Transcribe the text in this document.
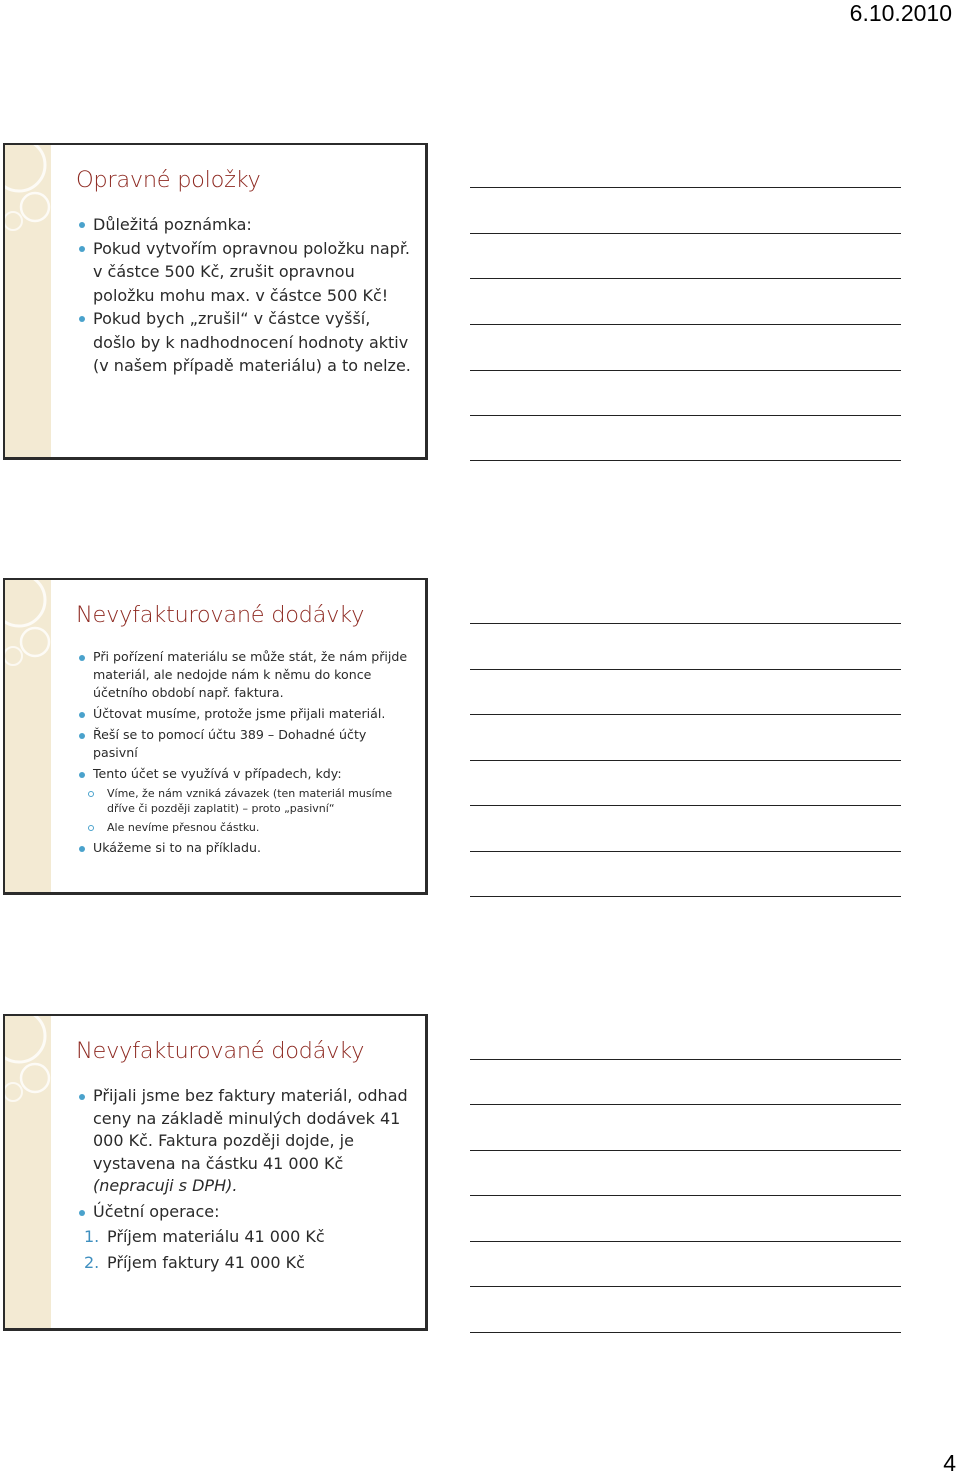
6.10.2010
Opravné položky
Důležitá poznámka:
Pokud vytvořím opravnou položku např. v částce 500 Kč, zrušit opravnou položku mohu max. v částce 500 Kč!
Pokud bych „zrušil“ v částce vyšší, došlo by k nadhodnocení hodnoty aktiv (v našem případě materiálu) a to nelze.
Nevyfakturované dodávky
Při pořízení materiálu se může stát, že nám přijde materiál, ale nedojde nám k němu do konce účetního období např. faktura.
Účtovat musíme, protože jsme přijali materiál.
Řeší se to pomocí účtu 389 – Dohadné účty pasivní
Tento účet se využívá v případech, kdy:
Víme, že nám vzniká závazek (ten materiál musíme dříve či později zaplatit) – proto „pasivní“
Ale nevíme přesnou částku.
Ukážeme si to na příkladu.
Nevyfakturované dodávky
Přijali jsme bez faktury materiál, odhad ceny na základě minulých dodávek 41 000 Kč. Faktura později dojde, je vystavena na částku 41 000 Kč (nepracuji s DPH).
Účetní operace:
1. Příjem materiálu 41 000 Kč
2. Příjem faktury 41 000 Kč
4
